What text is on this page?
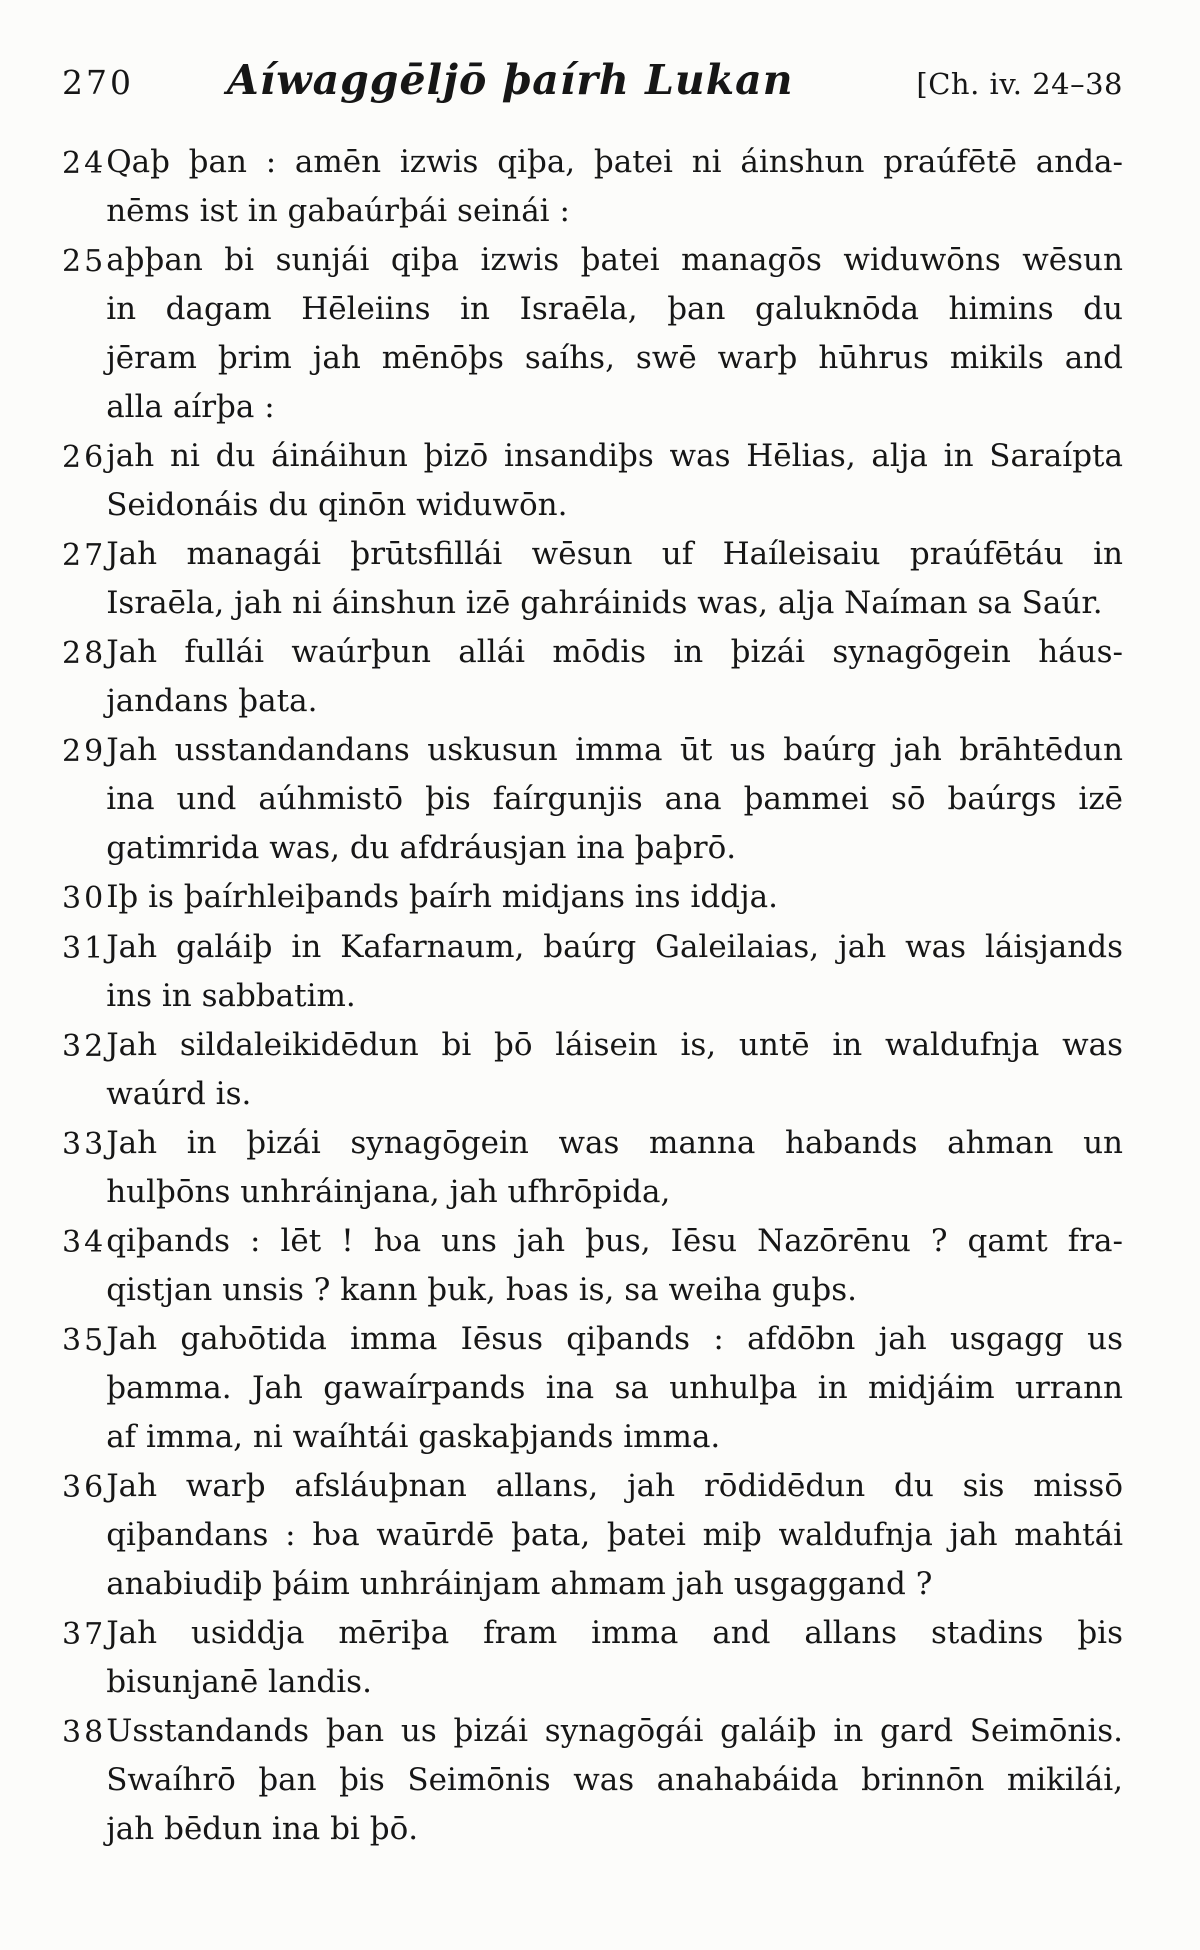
270	Aíwaggēljō þaírh Lukan	[Ch. iv. 24–38
24 Qaþ þan : amēn izwis qiþa, þatei ni áinshun praúfētē anda-
nēms ist in gabaúrþái seinái :
25 aþþan bi sunjái qiþa izwis þatei managōs widuwōns wēsun
in dagam Hēleiins in Israēla, þan galuknōda himins du
jēram þrim jah mēnōþs saíhs, swē warþ hūhrus mikils and
alla aírþa :
26 jah ni du áináihun þizō insandiþs was Hēlias, alja in Saraípta
Seidonáis du qinōn widuwōn.
27 Jah managái þrūtsfillái wēsun uf Haíleisaiu praúfētáu in
Israēla, jah ni áinshun izē gahráinids was, alja Naíman sa Saúr.
28 Jah fullái waúrþun allái mōdis in þizái synagōgein háus-
jandans þata.
29 Jah usstandandans uskusun imma ūt us baúrg jah brāhtēdun
ina und aúhmistō þis faírgunjis ana þammei sō baúrgs izē
gatimrida was, du afdráusjan ina þaþrō.
30 Iþ is þaírhleiþands þaírh midjans ins iddja.
31 Jah galáiþ in Kafarnaum, baúrg Galeilaias, jah was láisjands
ins in sabbatim.
32 Jah sildaleikidēdun bi þō láisein is, untē in waldufnja was
waúrd is.
33 Jah in þizái synagōgein was manna habands ahman un
hulþōns unhráinjana, jah ufhrōpida,
34 qiþands : lēt ! ƕa uns jah þus, Iēsu Nazōrēnu ? qamt fra-
qistjan unsis ? kann þuk, ƕas is, sa weiha guþs.
35 Jah gaƕōtida imma Iēsus qiþands : afdōbn jah usgagg us
þamma. Jah gawaírpands ina sa unhulþa in midjáim urrann
af imma, ni waíhtái gaskaþjands imma.
36 Jah warþ afsláuþnan allans, jah rōdidēdun du sis missō
qiþandans : ƕa waūrdē þata, þatei miþ waldufnja jah mahtái
anabiudiþ þáim unhráinjam ahmam jah usgaggand ?
37 Jah usiddja mēriþa fram imma and allans stadins þis
bisunjanē landis.
38 Usstandands þan us þizái synagōgái galáiþ in gard Seimōnis.
Swaíhrō þan þis Seimōnis was anahabáida brinnōn mikilái,
jah bēdun ina bi þō.
